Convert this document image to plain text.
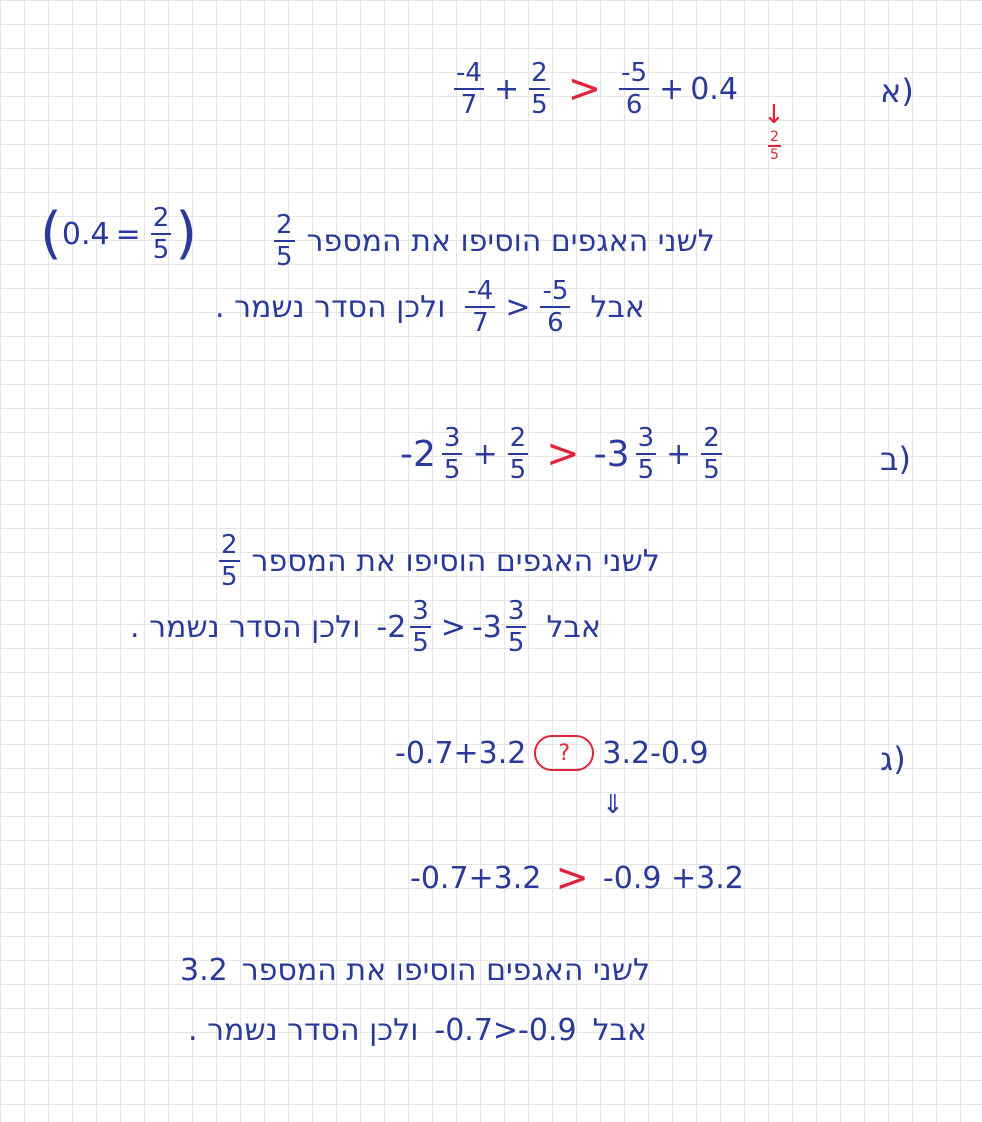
א)
$\frac{-4}{7} + \frac{2}{5} > \frac{-5}{6} + 0.4$
↓
$\frac{2}{5}$
( $0.4 = \frac{2}{5}$ )	לשני האגפים הוסיפו את המספר
$\frac{2}{5}$
אבל
$\frac{-4}{7} > \frac{-5}{6}$
ולכן הסדר נשמר .
ב)
$-2 \frac{3}{5} + \frac{2}{5} > -3 \frac{3}{5} + \frac{2}{5}$
לשני האגפים הוסיפו את המספר
$\frac{2}{5}$
אבל
$-2 \frac{3}{5} > -3 \frac{3}{5}$
ולכן הסדר נשמר .
ג)
-0.7+3.2 ? 3.2-0.9
⇓
-0.7+3.2 > -0.9 +3.2
לשני האגפים הוסיפו את המספר
3.2
אבל
-0.7>-0.9
ולכן הסדר נשמר .
